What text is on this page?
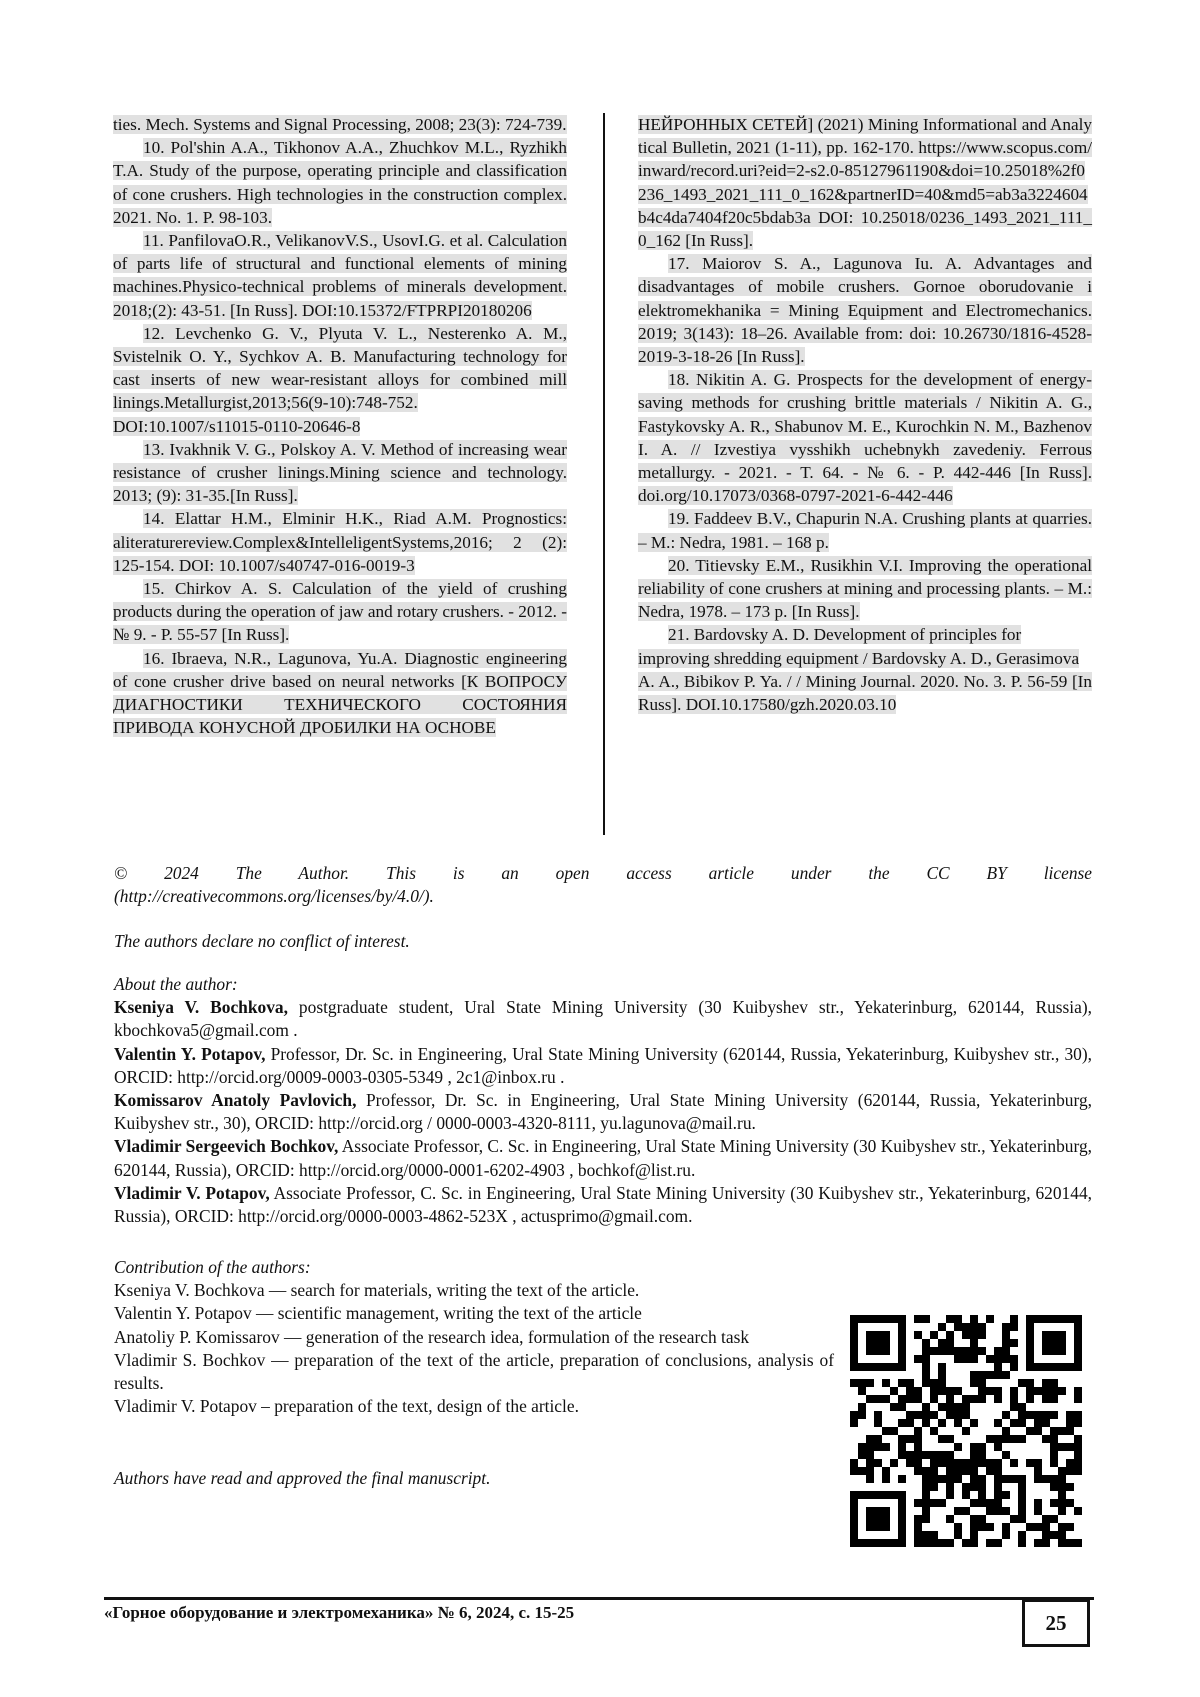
ties. Mech. Systems and Signal Processing, 2008; 23(3): 724-739.

10. Pol'shin A.A., Tikhonov A.A., Zhuchkov M.L., Ryzhikh T.A. Study of the purpose, operating principle and classification of cone crushers. High technologies in the construction complex. 2021. No. 1. P. 98-103.

11. PanfilovaO.R., VelikanovV.S., UsovI.G. et al. Calculation of parts life of structural and functional elements of mining machines.Physico-technical problems of minerals development. 2018;(2): 43-51. [In Russ]. DOI:10.15372/FTPRPI20180206

12. Levchenko G. V., Plyuta V. L., Nesterenko A. M., Svistelnik O. Y., Sychkov A. B. Manufacturing technology for cast inserts of new wear-resistant alloys for combined mill linings.Metallurgist,2013;56(9-10):748-752. DOI:10.1007/s11015-0110-20646-8

13. Ivakhnik V. G., Polskoy A. V. Method of increasing wear resistance of crusher linings.Mining science and technology. 2013; (9): 31-35.[In Russ].

14. Elattar H.M., Elminir H.K., Riad A.M. Prognostics: aliteraturereview.Complex&IntelleligentSystems,2016; 2 (2): 125-154. DOI: 10.1007/s40747-016-0019-3

15. Chirkov A. S. Calculation of the yield of crushing products during the operation of jaw and rotary crushers. - 2012. - № 9. - P. 55-57 [In Russ].

16. Ibraeva, N.R., Lagunova, Yu.A. Diagnostic engineering of cone crusher drive based on neural networks [К ВОПРОСУ ДИАГНОСТИКИ ТЕХНИЧЕСКОГО СОСТОЯНИЯ ПРИВОДА КОНУСНОЙ ДРОБИЛКИ НА ОСНОВЕ

НЕЙРОННЫХ СЕТЕЙ] (2021) Mining Informational and Analytical Bulletin, 2021 (1-11), pp. 162-170. https://www.scopus.com/inward/record.uri?eid=2-s2.0-85127961190&doi=10.25018%2f0236_1493_2021_111_0_162&partnerID=40&md5=ab3a3224604b4c4da7404f20c5bdab3a DOI: 10.25018/0236_1493_2021_111_0_162 [In Russ].

17. Maiorov S. A., Lagunova Iu. A. Advantages and disadvantages of mobile crushers. Gornoe oborudovanie i elektromekhanika = Mining Equipment and Electromechanics. 2019; 3(143): 18–26. Available from: doi: 10.26730/1816-4528-2019-3-18-26 [In Russ].

18. Nikitin A. G. Prospects for the development of energy-saving methods for crushing brittle materials / Nikitin A. G., Fastykovsky A. R., Shabunov M. E., Kurochkin N. M., Bazhenov I. A. // Izvestiya vysshikh uchebnykh zavedeniy. Ferrous metallurgy. - 2021. - T. 64. - № 6. - P. 442-446 [In Russ]. doi.org/10.17073/0368-0797-2021-6-442-446

19. Faddeev B.V., Chapurin N.A. Crushing plants at quarries. – M.: Nedra, 1981. – 168 p.

20. Titievsky E.M., Rusikhin V.I. Improving the operational reliability of cone crushers at mining and processing plants. – M.: Nedra, 1978. – 173 p. [In Russ].

21. Bardovsky A. D. Development of principles for improving shredding equipment / Bardovsky A. D., Gerasimova

A. A., Bibikov P. Ya. / / Mining Journal. 2020. No. 3. P. 56-59 [In Russ]. DOI.10.17580/gzh.2020.03.10

© 2024 The Author. This is an open access article under the CC BY license
(http://creativecommons.org/licenses/by/4.0/).
The authors declare no conflict of interest.

About the author:

Kseniya V. Bochkova, postgraduate student, Ural State Mining University (30 Kuibyshev str., Yekaterinburg, 620144, Russia), kbochkova5@gmail.com .

Valentin Y. Potapov, Professor, Dr. Sc. in Engineering, Ural State Mining University (620144, Russia, Yekaterinburg, Kuibyshev str., 30), ORCID: http://orcid.org/0009-0003-0305-5349 , 2c1@inbox.ru .

Komissarov Anatoly Pavlovich, Professor, Dr. Sc. in Engineering, Ural State Mining University (620144, Russia, Yekaterinburg, Kuibyshev str., 30), ORCID: http://orcid.org / 0000-0003-4320-8111, yu.lagunova@mail.ru.

Vladimir Sergeevich Bochkov, Associate Professor, C. Sc. in Engineering, Ural State Mining University (30 Kuibyshev str., Yekaterinburg, 620144, Russia), ORCID: http://orcid.org/0000-0001-6202-4903 , bochkof@list.ru.

Vladimir V. Potapov, Associate Professor, C. Sc. in Engineering, Ural State Mining University (30 Kuibyshev str., Yekaterinburg, 620144, Russia), ORCID: http://orcid.org/0000-0003-4862-523X , actusprimo@gmail.com.

Contribution of the authors:

Kseniya V. Bochkova — search for materials, writing the text of the article.

Valentin Y. Potapov — scientific management, writing the text of the article

Anatoliy P. Komissarov — generation of the research idea, formulation of the research task

Vladimir S. Bochkov — preparation of the text of the article, preparation of conclusions, analysis of results.

Vladimir V. Potapov – preparation of the text, design of the article.

Authors have read and approved the final manuscript.
«Горное оборудование и электромеханика» № 6, 2024, с. 15-25	25
